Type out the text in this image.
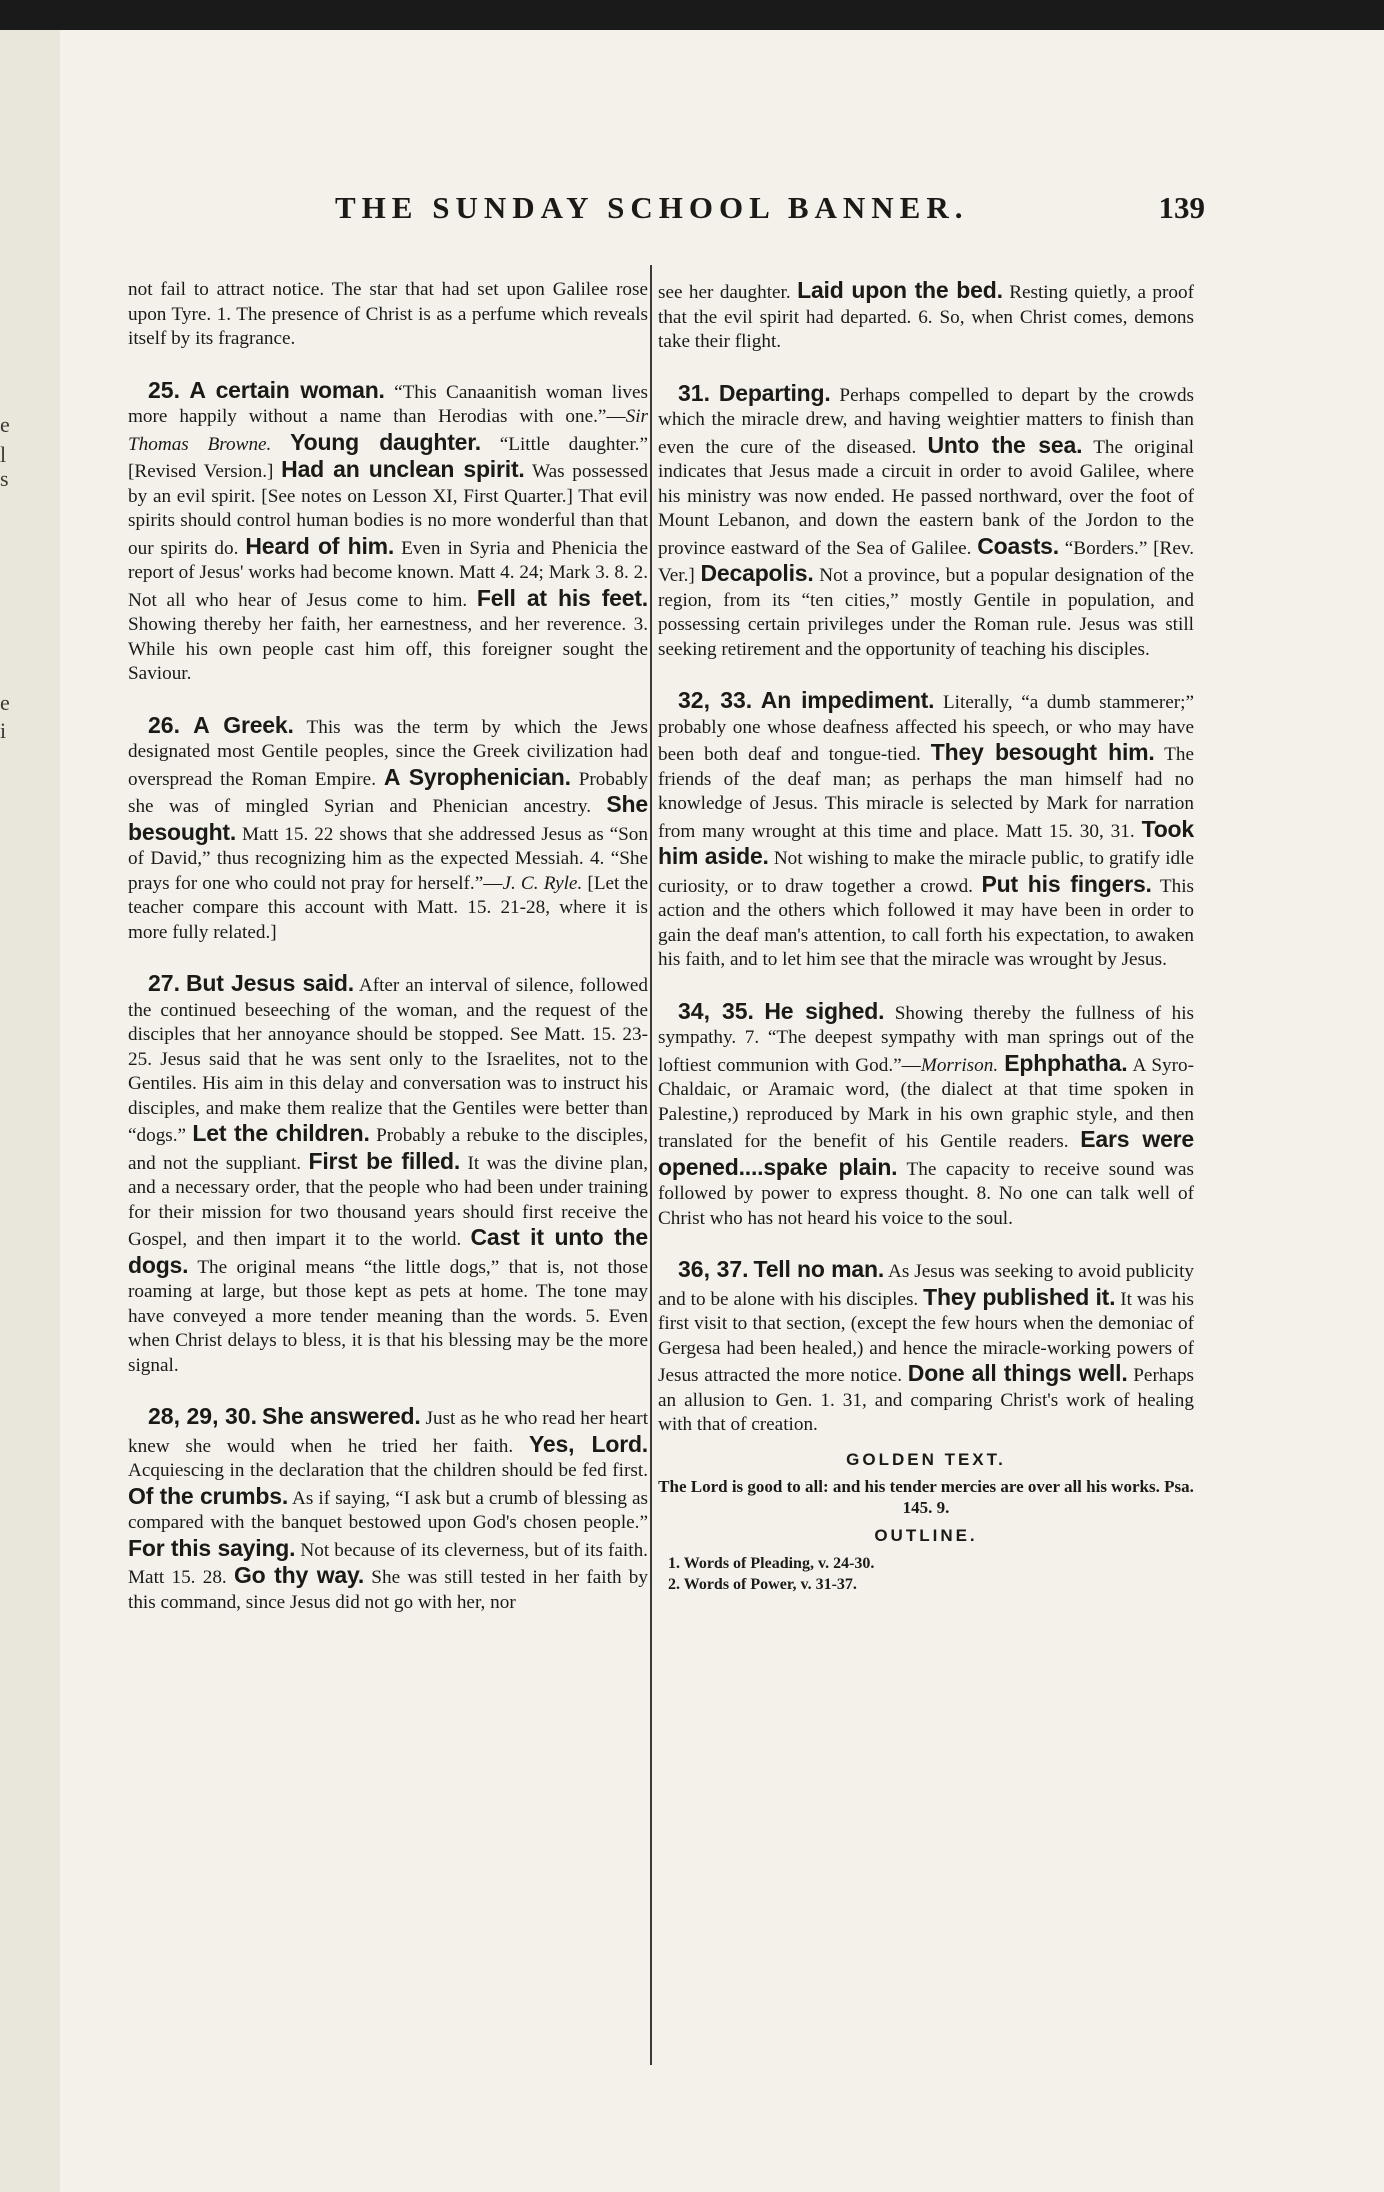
e
l
s
e
i
THE SUNDAY SCHOOL BANNER.	139

not fail to attract notice. The star that had set upon Galilee rose upon Tyre. 1. The presence of Christ is as a perfume which reveals itself by its fragrance.

25. A certain woman. “This Canaanitish woman lives more happily without a name than Herodias with one.”—Sir Thomas Browne. Young daughter. “Little daughter.” [Revised Version.] Had an unclean spirit. Was possessed by an evil spirit. [See notes on Lesson XI, First Quarter.] That evil spirits should control human bodies is no more wonderful than that our spirits do. Heard of him. Even in Syria and Phenicia the report of Jesus' works had become known. Matt 4. 24; Mark 3. 8. 2. Not all who hear of Jesus come to him. Fell at his feet. Showing thereby her faith, her earnestness, and her reverence. 3. While his own people cast him off, this foreigner sought the Saviour.

26. A Greek. This was the term by which the Jews designated most Gentile peoples, since the Greek civilization had overspread the Roman Empire. A Syrophenician. Probably she was of mingled Syrian and Phenician ancestry. She besought. Matt 15. 22 shows that she addressed Jesus as “Son of David,” thus recognizing him as the expected Messiah. 4. “She prays for one who could not pray for herself.”—J. C. Ryle. [Let the teacher compare this account with Matt. 15. 21-28, where it is more fully related.]

27. But Jesus said. After an interval of silence, followed the continued beseeching of the woman, and the request of the disciples that her annoyance should be stopped. See Matt. 15. 23-25. Jesus said that he was sent only to the Israelites, not to the Gentiles. His aim in this delay and conversation was to instruct his disciples, and make them realize that the Gentiles were better than “dogs.” Let the children. Probably a rebuke to the disciples, and not the suppliant. First be filled. It was the divine plan, and a necessary order, that the people who had been under training for their mission for two thousand years should first receive the Gospel, and then impart it to the world. Cast it unto the dogs. The original means “the little dogs,” that is, not those roaming at large, but those kept as pets at home. The tone may have conveyed a more tender meaning than the words. 5. Even when Christ delays to bless, it is that his blessing may be the more signal.

28, 29, 30. She answered. Just as he who read her heart knew she would when he tried her faith. Yes, Lord. Acquiescing in the declaration that the children should be fed first. Of the crumbs. As if saying, “I ask but a crumb of blessing as compared with the banquet bestowed upon God's chosen people.” For this saying. Not because of its cleverness, but of its faith. Matt 15. 28. Go thy way. She was still tested in her faith by this command, since Jesus did not go with her, nor

see her daughter. Laid upon the bed. Resting quietly, a proof that the evil spirit had departed. 6. So, when Christ comes, demons take their flight.

31. Departing. Perhaps compelled to depart by the crowds which the miracle drew, and having weightier matters to finish than even the cure of the diseased. Unto the sea. The original indicates that Jesus made a circuit in order to avoid Galilee, where his ministry was now ended. He passed northward, over the foot of Mount Lebanon, and down the eastern bank of the Jordon to the province eastward of the Sea of Galilee. Coasts. “Borders.” [Rev. Ver.] Decapolis. Not a province, but a popular designation of the region, from its “ten cities,” mostly Gentile in population, and possessing certain privileges under the Roman rule. Jesus was still seeking retirement and the opportunity of teaching his disciples.

32, 33. An impediment. Literally, “a dumb stammerer;” probably one whose deafness affected his speech, or who may have been both deaf and tongue-tied. They besought him. The friends of the deaf man; as perhaps the man himself had no knowledge of Jesus. This miracle is selected by Mark for narration from many wrought at this time and place. Matt 15. 30, 31. Took him aside. Not wishing to make the miracle public, to gratify idle curiosity, or to draw together a crowd. Put his fingers. This action and the others which followed it may have been in order to gain the deaf man's attention, to call forth his expectation, to awaken his faith, and to let him see that the miracle was wrought by Jesus.

34, 35. He sighed. Showing thereby the fullness of his sympathy. 7. “The deepest sympathy with man springs out of the loftiest communion with God.”—Morrison. Ephphatha. A Syro-Chaldaic, or Aramaic word, (the dialect at that time spoken in Palestine,) reproduced by Mark in his own graphic style, and then translated for the benefit of his Gentile readers. Ears were opened....spake plain. The capacity to receive sound was followed by power to express thought. 8. No one can talk well of Christ who has not heard his voice to the soul.

36, 37. Tell no man. As Jesus was seeking to avoid publicity and to be alone with his disciples. They published it. It was his first visit to that section, (except the few hours when the demoniac of Gergesa had been healed,) and hence the miracle-working powers of Jesus attracted the more notice. Done all things well. Perhaps an allusion to Gen. 1. 31, and comparing Christ's work of healing with that of creation.

GOLDEN TEXT.
The Lord is good to all: and his tender mercies are over all his works. Psa. 145. 9.
OUTLINE.
1. Words of Pleading, v. 24-30.
2. Words of Power, v. 31-37.
